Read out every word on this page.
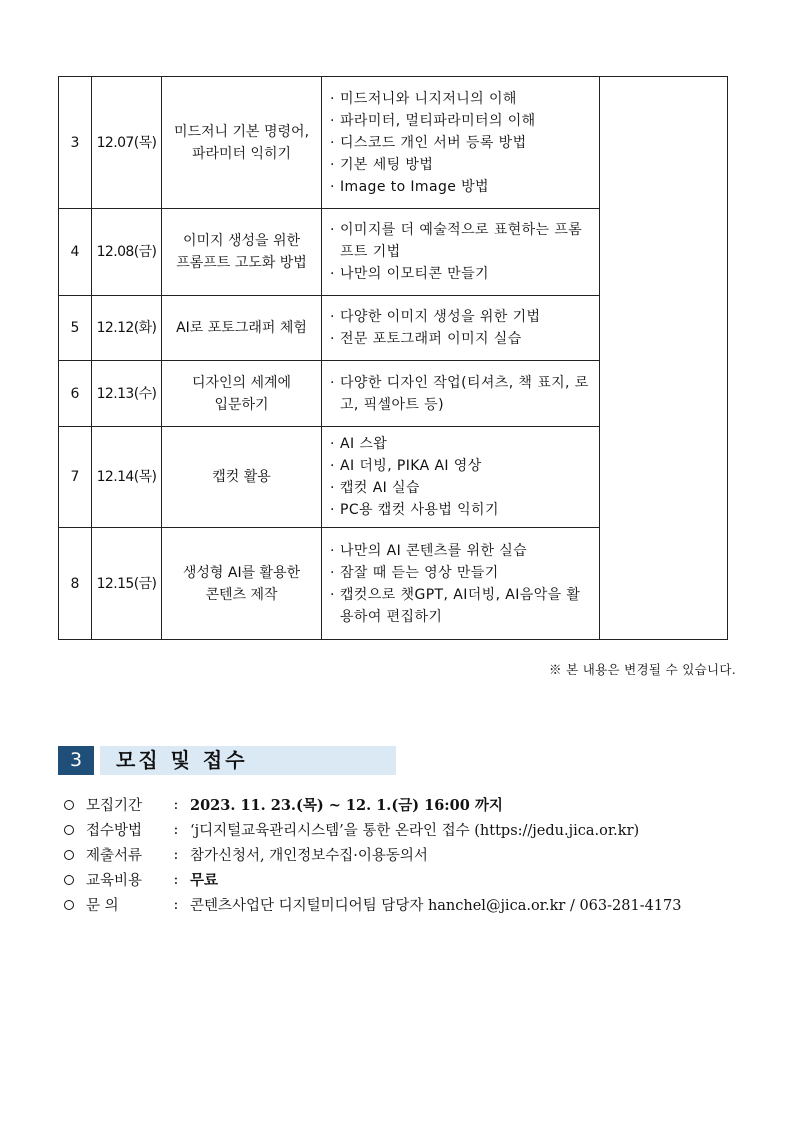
3	12.07(목)	미드저니 기본 명령어,
파라미터 익히기	· 미드저니와 니지저니의 이해
· 파라미터, 멀티파라미터의 이해
· 디스코드 개인 서버 등록 방법
· 기본 세팅 방법
· Image to Image 방법

4	12.08(금)	이미지 생성을 위한
프롬프트 고도화 방법	· 이미지를 더 예술적으로 표현하는 프롬프트 기법
· 나만의 이모티콘 만들기

5	12.12(화)	AI로 포토그래퍼 체험	· 다양한 이미지 생성을 위한 기법
· 전문 포토그래퍼 이미지 실습

6	12.13(수)	디자인의 세계에
입문하기	· 다양한 디자인 작업(티셔츠, 책 표지, 로고, 픽셀아트 등)

7	12.14(목)	캡컷 활용	· AI 스왑
· AI 더빙, PIKA AI 영상
· 캡컷 AI 실습
· PC용 캡컷 사용법 익히기

8	12.15(금)	생성형 AI를 활용한
콘텐츠 제작	· 나만의 AI 콘텐츠를 위한 실습
· 잠잘 때 듣는 영상 만들기
· 캡컷으로 챗GPT, AI더빙, AI음악을 활용하여 편집하기
※ 본 내용은 변경될 수 있습니다.
3	모집 및 접수
모집기간	: 2023. 11. 23.(목) ~ 12. 1.(금) 16:00 까지
접수방법	: ‘j디지털교육관리시스템’을 통한 온라인 접수 (https://jedu.jica.or.kr)
제출서류	: 참가신청서, 개인정보수집·이용동의서
교육비용	: 무료
문 의	: 콘텐츠사업단 디지털미디어팀 담당자 hanchel@jica.or.kr / 063-281-4173
